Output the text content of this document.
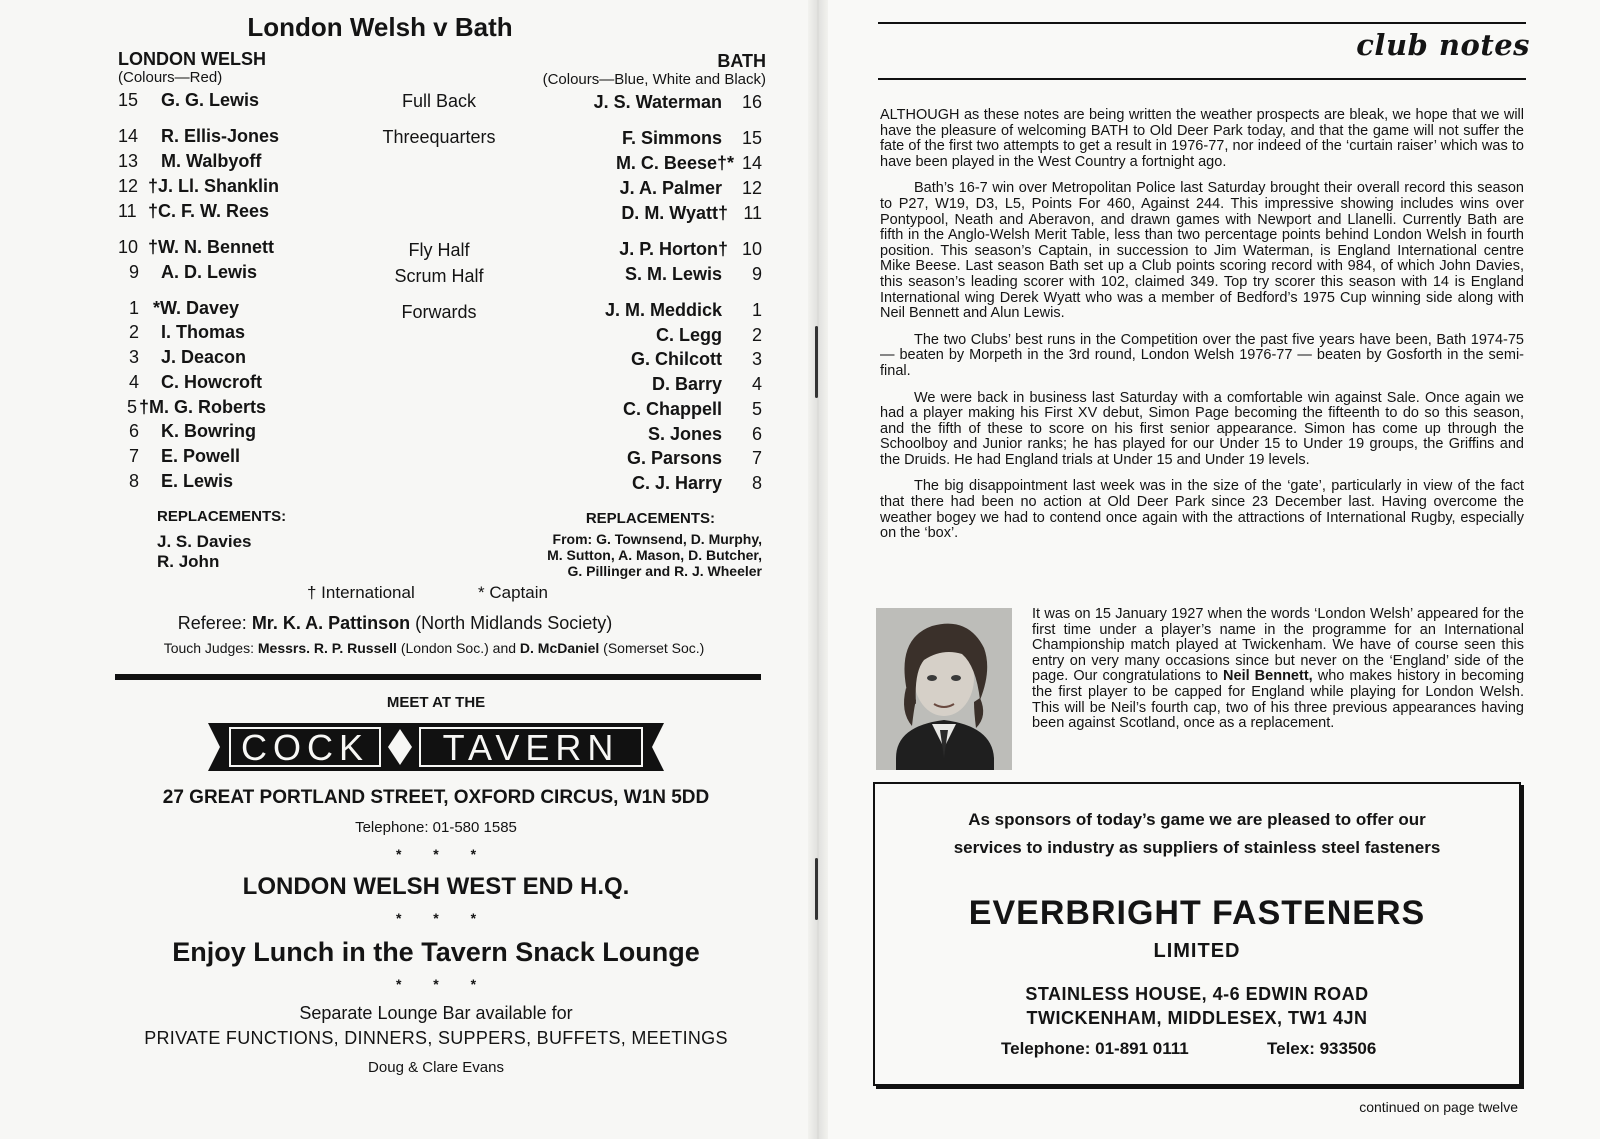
London Welsh v Bath
LONDON WELSH
(Colours—Red)
BATH
(Colours—Blue, White and Black)
Full Back
Threequarters
Fly Half
Scrum Half
Forwards
15 G. G. Lewis
14 R. Ellis-Jones
13 M. Walbyoff
12 †J. Ll. Shanklin
11 †C. F. W. Rees
10 †W. N. Bennett
9 A. D. Lewis
1 *W. Davey
2 I. Thomas
3 J. Deacon
4 C. Howcroft
5 †M. G. Roberts
6 K. Bowring
7 E. Powell
8 E. Lewis
J. S. Waterman 16
F. Simmons 15
M. C. Beese†* 14
J. A. Palmer 12
D. M. Wyatt† 11
J. P. Horton† 10
S. M. Lewis 9
J. M. Meddick 1
C. Legg 2
G. Chilcott 3
D. Barry 4
C. Chappell 5
S. Jones 6
G. Parsons 7
C. J. Harry 8
REPLACEMENTS:
J. S. Davies
R. John
REPLACEMENTS:
From: G. Townsend, D. Murphy,
M. Sutton, A. Mason, D. Butcher,
G. Pillinger and R. J. Wheeler
† International	* Captain
Referee: Mr. K. A. Pattinson (North Midlands Society)
Touch Judges: Messrs. R. P. Russell (London Soc.) and D. McDaniel (Somerset Soc.)
MEET AT THE
COCK TAVERN
27 GREAT PORTLAND STREET, OXFORD CIRCUS, W1N 5DD
Telephone: 01-580 1585
* * *
LONDON WELSH WEST END H.Q.
* * *
Enjoy Lunch in the Tavern Snack Lounge
* * *
Separate Lounge Bar available for
PRIVATE FUNCTIONS, DINNERS, SUPPERS, BUFFETS, MEETINGS
Doug & Clare Evans
club notes

ALTHOUGH as these notes are being written the weather prospects are bleak, we hope that we will have the pleasure of welcoming BATH to Old Deer Park today, and that the game will not suffer the fate of the first two attempts to get a result in 1976-77, nor indeed of the ‘curtain raiser’ which was to have been played in the West Country a fortnight ago.

Bath’s 16-7 win over Metropolitan Police last Saturday brought their overall record this season to P27, W19, D3, L5, Points For 460, Against 244. This impressive showing includes wins over Pontypool, Neath and Aberavon, and drawn games with Newport and Llanelli. Currently Bath are fifth in the Anglo-Welsh Merit Table, less than two percentage points behind London Welsh in fourth position. This season’s Captain, in succession to Jim Waterman, is England International centre Mike Beese. Last season Bath set up a Club points scoring record with 984, of which John Davies, this season’s leading scorer with 102, claimed 349. Top try scorer this season with 14 is England International wing Derek Wyatt who was a member of Bedford’s 1975 Cup winning side along with Neil Bennett and Alun Lewis.

The two Clubs’ best runs in the Competition over the past five years have been, Bath 1974-75 — beaten by Morpeth in the 3rd round, London Welsh 1976-77 — beaten by Gosforth in the semi-final.

We were back in business last Saturday with a comfortable win against Sale. Once again we had a player making his First XV debut, Simon Page becoming the fifteenth to do so this season, and the fifth of these to score on his first senior appearance. Simon has come up through the Schoolboy and Junior ranks; he has played for our Under 15 to Under 19 groups, the Griffins and the Druids. He had England trials at Under 15 and Under 19 levels.

The big disappointment last week was in the size of the ‘gate’, particularly in view of the fact that there had been no action at Old Deer Park since 23 December last. Having overcome the weather bogey we had to contend once again with the attractions of International Rugby, especially on the ‘box’.

It was on 15 January 1927 when the words ‘London Welsh’ appeared for the first time under a player’s name in the programme for an International Championship match played at Twickenham. We have of course seen this entry on very many occasions since but never on the ‘England’ side of the page. Our congratulations to Neil Bennett, who makes history in becoming the first player to be capped for England while playing for London Welsh. This will be Neil’s fourth cap, two of his three previous appearances having been against Scotland, once as a replacement.

As sponsors of today’s game we are pleased to offer our
services to industry as suppliers of stainless steel fasteners
EVERBRIGHT FASTENERS
LIMITED
STAINLESS HOUSE, 4-6 EDWIN ROAD
TWICKENHAM, MIDDLESEX, TW1 4JN
Telephone: 01-891 0111	Telex: 933506
continued on page twelve
